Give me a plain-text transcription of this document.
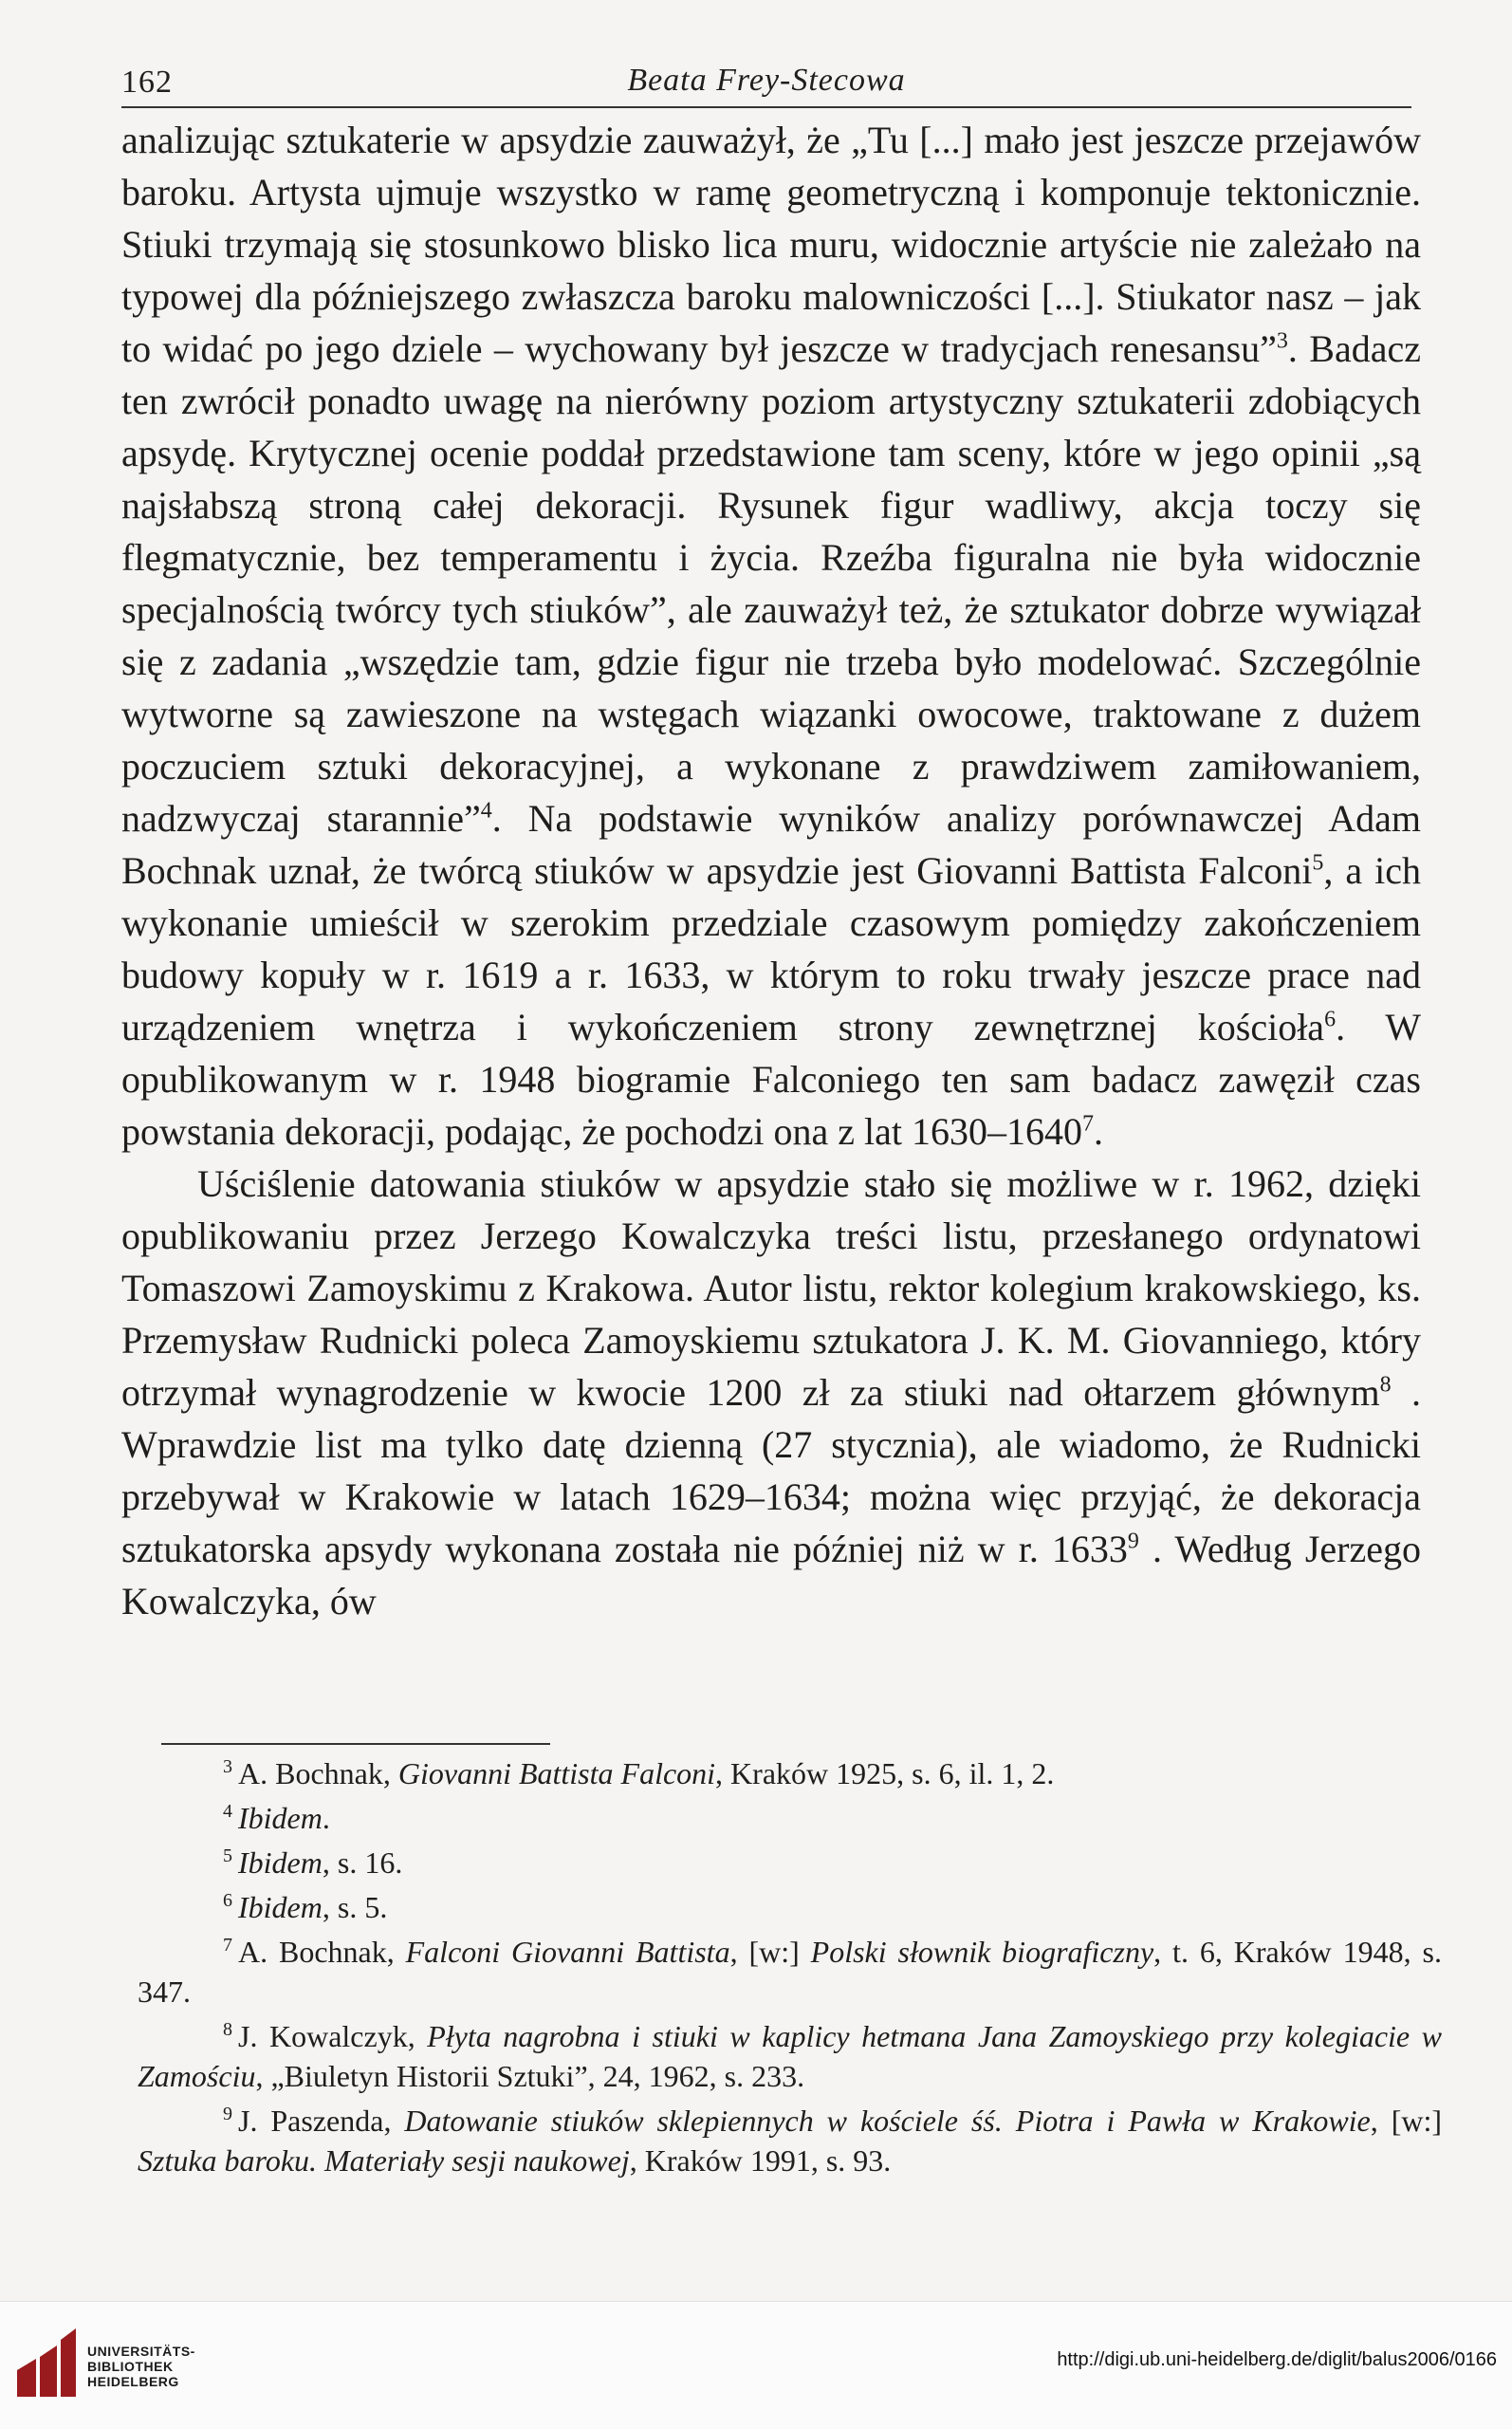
162	Beata Frey-Stecowa

analizując sztukaterie w apsydzie zauważył, że „Tu [...] mało jest jeszcze przejawów baroku. Artysta ujmuje wszystko w ramę geometryczną i komponuje tektonicznie. Stiuki trzymają się stosunkowo blisko lica muru, widocznie artyście nie zależało na typowej dla późniejszego zwłaszcza baroku malowniczości [...]. Stiukator nasz – jak to widać po jego dziele – wychowany był jeszcze w tradycjach renesansu”$^3$. Badacz ten zwrócił ponadto uwagę na nierówny poziom artystyczny sztukaterii zdobiących apsydę. Krytycznej ocenie poddał przedstawione tam sceny, które w jego opinii „są najsłabszą stroną całej dekoracji. Rysunek figur wadliwy, akcja toczy się flegmatycznie, bez temperamentu i życia. Rzeźba figuralna nie była widocznie specjalnością twórcy tych stiuków”, ale zauważył też, że sztukator dobrze wywiązał się z zadania „wszędzie tam, gdzie figur nie trzeba było modelować. Szczególnie wytworne są zawieszone na wstęgach wiązanki owocowe, traktowane z dużem poczuciem sztuki dekoracyjnej, a wykonane z prawdziwem zamiłowaniem, nadzwyczaj starannie”$^4$. Na podstawie wyników analizy porównawczej Adam Bochnak uznał, że twórcą stiuków w apsydzie jest Giovanni Battista Falconi$^5$, a ich wykonanie umieścił w szerokim przedziale czasowym pomiędzy zakończeniem budowy kopuły w r. 1619 a r. 1633, w którym to roku trwały jeszcze prace nad urządzeniem wnętrza i wykończeniem strony zewnętrznej kościoła$^6$. W opublikowanym w r. 1948 biogramie Falconiego ten sam badacz zawęził czas powstania dekoracji, podając, że pochodzi ona z lat 1630–1640$^7$.

Uściślenie datowania stiuków w apsydzie stało się możliwe w r. 1962, dzięki opublikowaniu przez Jerzego Kowalczyka treści listu, przesłanego ordynatowi Tomaszowi Zamoyskimu z Krakowa. Autor listu, rektor kolegium krakowskiego, ks. Przemysław Rudnicki poleca Zamoyskiemu sztukatora J. K. M. Giovanniego, który otrzymał wynagrodzenie w kwocie 1200 zł za stiuki nad ołtarzem głównym$^8$ . Wprawdzie list ma tylko datę dzienną (27 stycznia), ale wiadomo, że Rudnicki przebywał w Krakowie w latach 1629–1634; można więc przyjąć, że dekoracja sztukatorska apsydy wykonana została nie później niż w r. 1633$^9$ . Według Jerzego Kowalczyka, ów

$^3$ A. Bochnak, Giovanni Battista Falconi, Kraków 1925, s. 6, il. 1, 2.

$^4$ Ibidem.

$^5$ Ibidem, s. 16.

$^6$ Ibidem, s. 5.

$^7$ A. Bochnak, Falconi Giovanni Battista, [w:] Polski słownik biograficzny, t. 6, Kraków 1948, s. 347.

$^8$ J. Kowalczyk, Płyta nagrobna i stiuki w kaplicy hetmana Jana Zamoyskiego przy kolegiacie w Zamościu, „Biuletyn Historii Sztuki”, 24, 1962, s. 233.

$^9$ J. Paszenda, Datowanie stiuków sklepiennych w kościele śś. Piotra i Pawła w Krakowie, [w:] Sztuka baroku. Materiały sesji naukowej, Kraków 1991, s. 93.

UNIVERSITÄTS-
BIBLIOTHEK
HEIDELBERG
http://digi.ub.uni-heidelberg.de/diglit/balus2006/0166
